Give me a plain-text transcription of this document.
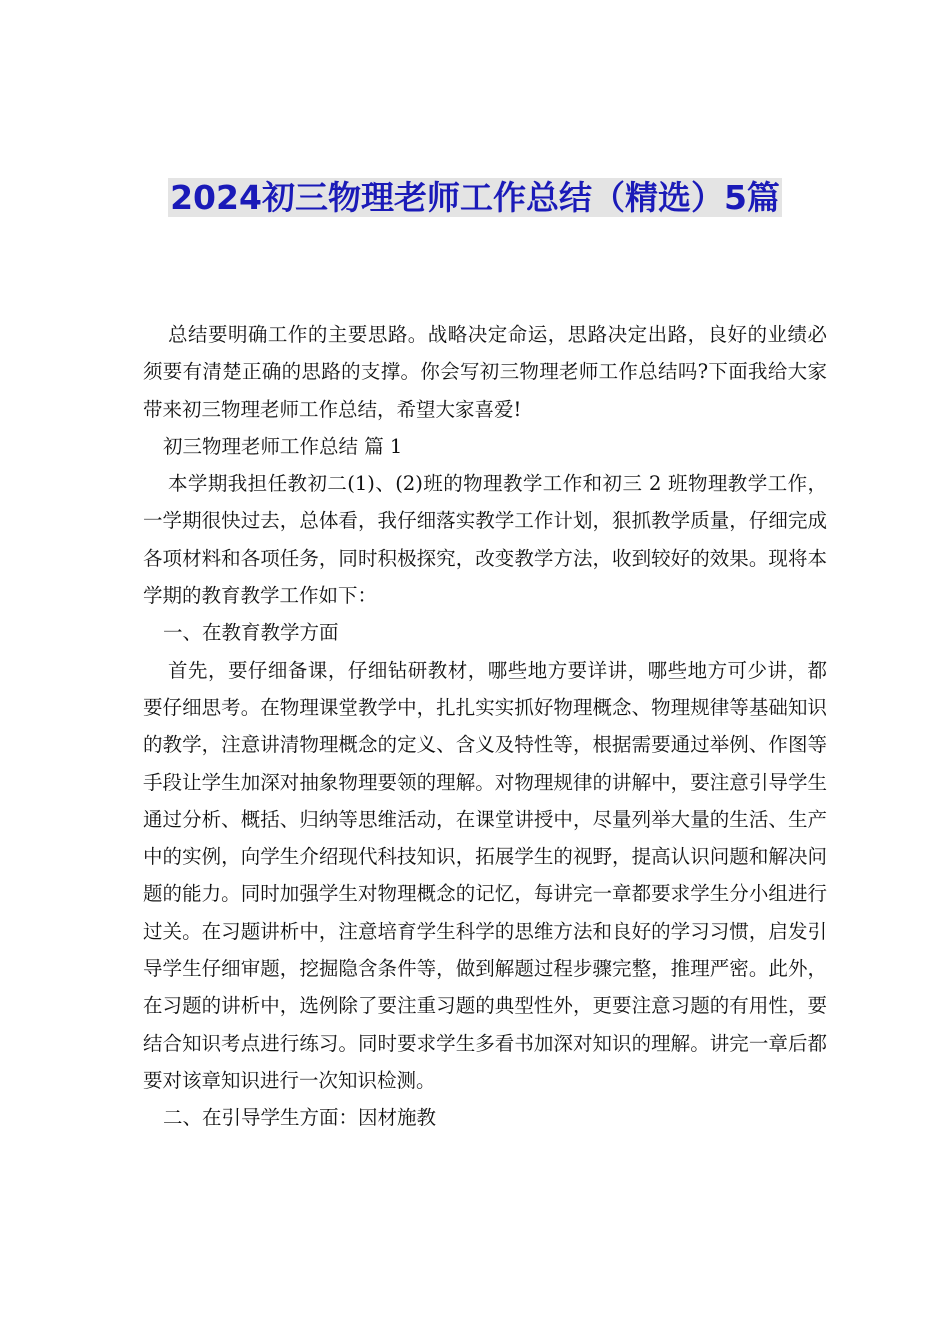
2024初三物理老师工作总结（精选）5篇

总结要明确工作的主要思路。战略决定命运，思路决定出路，良好的业绩必须要有清楚正确的思路的支撑。你会写初三物理老师工作总结吗?下面我给大家带来初三物理老师工作总结，希望大家喜爱!

初三物理老师工作总结 篇 1

本学期我担任教初二(1)、(2)班的物理教学工作和初三 2 班物理教学工作，一学期很快过去，总体看，我仔细落实教学工作计划，狠抓教学质量，仔细完成各项材料和各项任务，同时积极探究，改变教学方法，收到较好的效果。现将本学期的教育教学工作如下：

一、在教育教学方面

首先，要仔细备课，仔细钻研教材，哪些地方要详讲，哪些地方可少讲，都要仔细思考。在物理课堂教学中，扎扎实实抓好物理概念、物理规律等基础知识的教学，注意讲清物理概念的定义、含义及特性等，根据需要通过举例、作图等手段让学生加深对抽象物理要领的理解。对物理规律的讲解中，要注意引导学生通过分析、概括、归纳等思维活动，在课堂讲授中，尽量列举大量的生活、生产中的实例，向学生介绍现代科技知识，拓展学生的视野，提高认识问题和解决问题的能力。同时加强学生对物理概念的记忆，每讲完一章都要求学生分小组进行过关。在习题讲析中，注意培育学生科学的思维方法和良好的学习习惯，启发引导学生仔细审题，挖掘隐含条件等，做到解题过程步骤完整，推理严密。此外，在习题的讲析中，选例除了要注重习题的典型性外，更要注意习题的有用性，要结合知识考点进行练习。同时要求学生多看书加深对知识的理解。讲完一章后都要对该章知识进行一次知识检测。

二、在引导学生方面：因材施教
